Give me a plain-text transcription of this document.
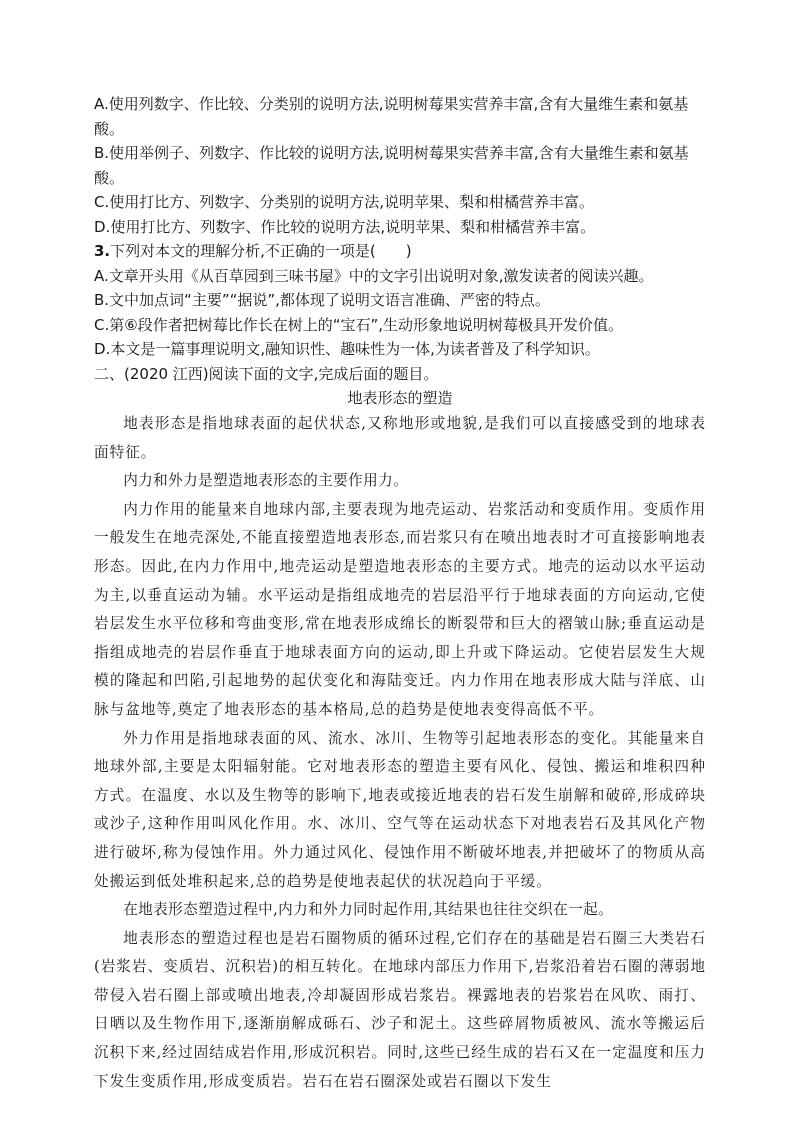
A.使用列数字、作比较、分类别的说明方法,说明树莓果实营养丰富,含有大量维生素和氨基酸。

B.使用举例子、列数字、作比较的说明方法,说明树莓果实营养丰富,含有大量维生素和氨基酸。

C.使用打比方、列数字、分类别的说明方法,说明苹果、梨和柑橘营养丰富。

D.使用打比方、列数字、作比较的说明方法,说明苹果、梨和柑橘营养丰富。

3.下列对本文的理解分析,不正确的一项是(　　)

A.文章开头用《从百草园到三味书屋》中的文字引出说明对象,激发读者的阅读兴趣。

B.文中加点词“主要”“据说”,都体现了说明文语言准确、严密的特点。

C.第⑥段作者把树莓比作长在树上的“宝石”,生动形象地说明树莓极具开发价值。

D.本文是一篇事理说明文,融知识性、趣味性为一体,为读者普及了科学知识。

二、(2020 江西)阅读下面的文字,完成后面的题目。

地表形态的塑造

地表形态是指地球表面的起伏状态,又称地形或地貌,是我们可以直接感受到的地球表面特征。

内力和外力是塑造地表形态的主要作用力。

内力作用的能量来自地球内部,主要表现为地壳运动、岩浆活动和变质作用。变质作用一般发生在地壳深处,不能直接塑造地表形态,而岩浆只有在喷出地表时才可直接影响地表形态。因此,在内力作用中,地壳运动是塑造地表形态的主要方式。地壳的运动以水平运动为主,以垂直运动为辅。水平运动是指组成地壳的岩层沿平行于地球表面的方向运动,它使岩层发生水平位移和弯曲变形,常在地表形成绵长的断裂带和巨大的褶皱山脉;垂直运动是指组成地壳的岩层作垂直于地球表面方向的运动,即上升或下降运动。它使岩层发生大规模的隆起和凹陷,引起地势的起伏变化和海陆变迁。内力作用在地表形成大陆与洋底、山脉与盆地等,奠定了地表形态的基本格局,总的趋势是使地表变得高低不平。

外力作用是指地球表面的风、流水、冰川、生物等引起地表形态的变化。其能量来自地球外部,主要是太阳辐射能。它对地表形态的塑造主要有风化、侵蚀、搬运和堆积四种方式。在温度、水以及生物等的影响下,地表或接近地表的岩石发生崩解和破碎,形成碎块或沙子,这种作用叫风化作用。水、冰川、空气等在运动状态下对地表岩石及其风化产物进行破坏,称为侵蚀作用。外力通过风化、侵蚀作用不断破坏地表,并把破坏了的物质从高处搬运到低处堆积起来,总的趋势是使地表起伏的状况趋向于平缓。

在地表形态塑造过程中,内力和外力同时起作用,其结果也往往交织在一起。

地表形态的塑造过程也是岩石圈物质的循环过程,它们存在的基础是岩石圈三大类岩石(岩浆岩、变质岩、沉积岩)的相互转化。在地球内部压力作用下,岩浆沿着岩石圈的薄弱地带侵入岩石圈上部或喷出地表,冷却凝固形成岩浆岩。裸露地表的岩浆岩在风吹、雨打、日晒以及生物作用下,逐渐崩解成砾石、沙子和泥土。这些碎屑物质被风、流水等搬运后沉积下来,经过固结成岩作用,形成沉积岩。同时,这些已经生成的岩石又在一定温度和压力下发生变质作用,形成变质岩。岩石在岩石圈深处或岩石圈以下发生
